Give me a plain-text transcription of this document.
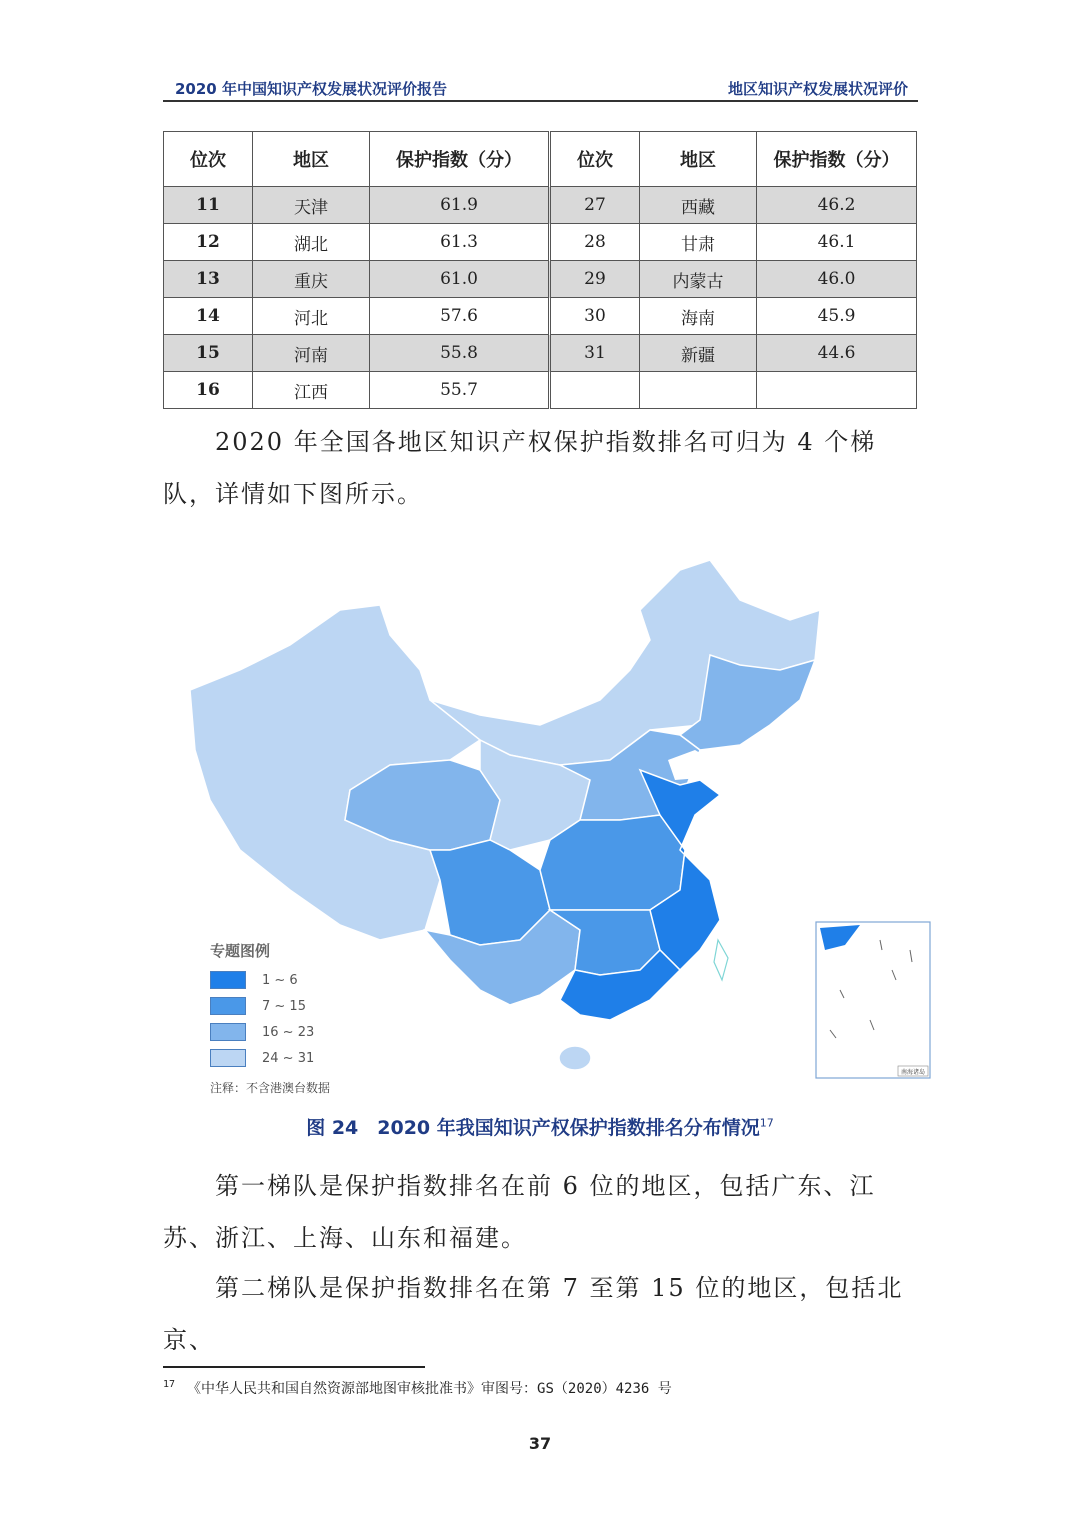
2020 年中国知识产权发展状况评价报告	地区知识产权发展状况评价
位次	地区	保护指数（分）	位次	地区	保护指数（分）
11	天津	61.9	27	西藏	46.2
12	湖北	61.3	28	甘肃	46.1
13	重庆	61.0	29	内蒙古	46.0
14	河北	57.6	30	海南	45.9
15	河南	55.8	31	新疆	44.6
16	江西	55.7			
2020 年全国各地区知识产权保护指数排名可归为 4 个梯队，详情如下图所示。
南海诸岛
专题图例
1 ~ 6
7 ~ 15
16 ~ 23
24 ~ 31
注释：不含港澳台数据
图 24　2020 年我国知识产权保护指数排名分布情况$^{17}$
第一梯队是保护指数排名在前 6 位的地区，包括广东、江苏、浙江、上海、山东和福建。
第二梯队是保护指数排名在第 7 至第 15 位的地区，包括北京、
$^{17}$ 《中华人民共和国自然资源部地图审核批准书》审图号：GS（2020）4236 号
37
